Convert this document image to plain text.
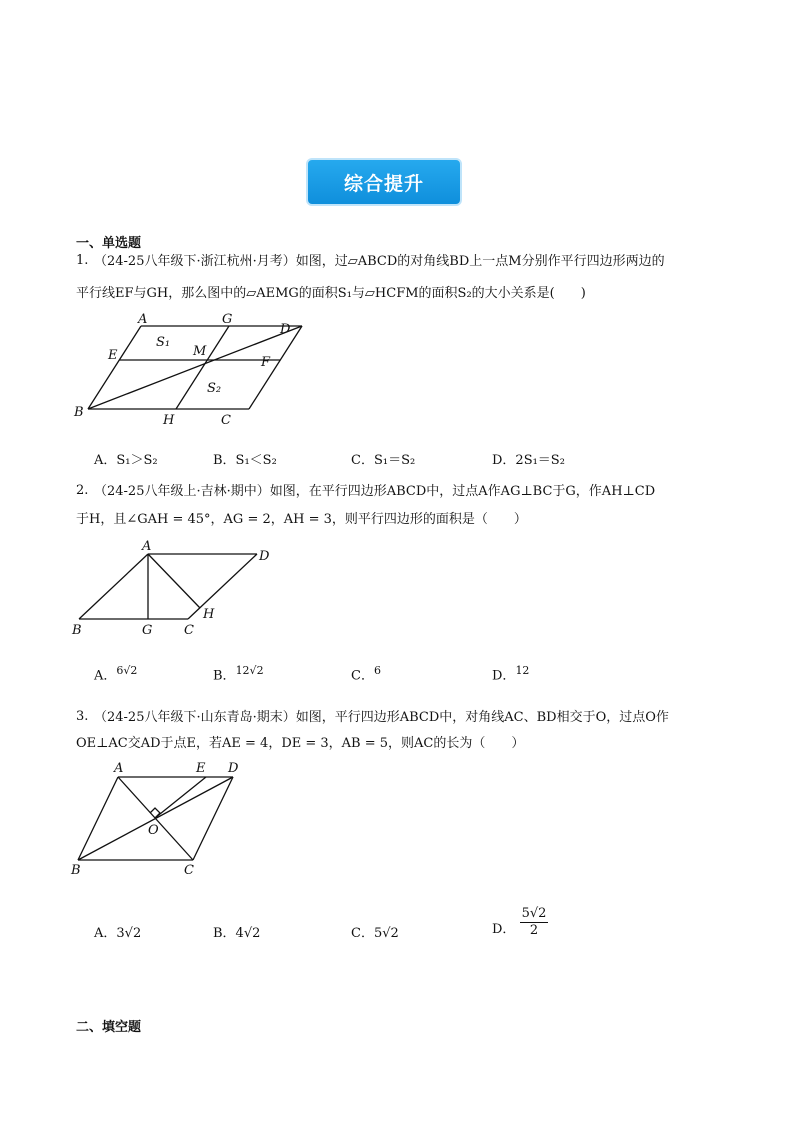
综合提升
一、单选题
1. （24-25八年级下·浙江杭州·月考）如图，过▱ABCD的对角线BD上一点M分别作平行四边形两边的
平行线EF与GH，那么图中的▱AEMG的面积S₁与▱HCFM的面积S₂的大小关系是(　　)
A	G
D
E	M
F
B
H	C
S₁
S₂
A．S₁＞S₂	B．S₁＜S₂	C．S₁＝S₂	D．2S₁＝S₂
2. （24-25八年级上·吉林·期中）如图，在平行四边形ABCD中，过点A作AG⊥BC于G，作AH⊥CD
于H，且∠GAH = 45°，AG = 2，AH = 3，则平行四边形的面积是（　　）
A
D
H
B	G C
A．$^{6√2}$	B．$^{12√2}$	C．$^6$	D．$^{12}$
3. （24-25八年级下·山东青岛·期末）如图，平行四边形ABCD中，对角线AC、BD相交于O，过点O作
OE⊥AC交AD于点E，若AE = 4，DE = 3，AB = 5，则AC的长为（　　）
A	E D
O
B	C
A．3√2	B．4√2	C．5√2	D． $\frac{5√2}{2}$
二、填空题
